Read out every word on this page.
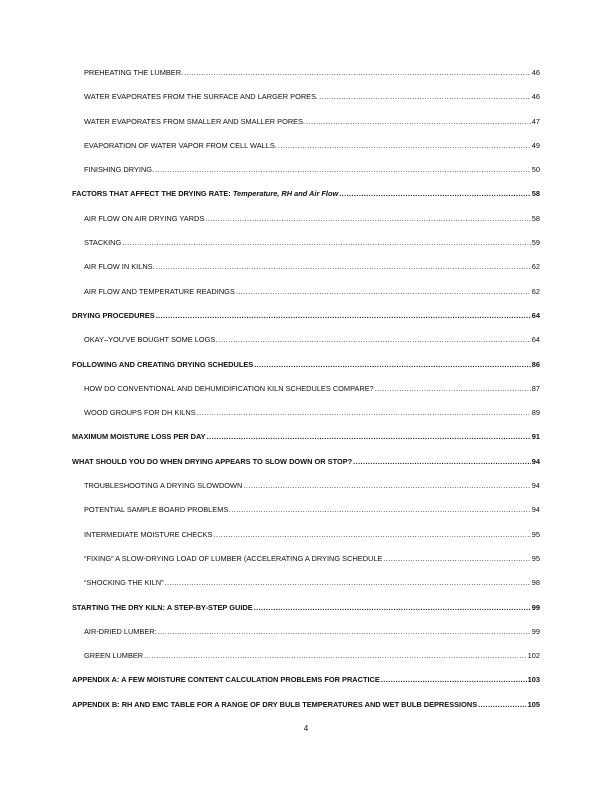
PREHEATING THE LUMBER. .....	46
WATER EVAPORATES FROM THE SURFACE AND LARGER PORES. .....	46
WATER EVAPORATES FROM SMALLER AND SMALLER PORES. .....	47
EVAPORATION OF WATER VAPOR FROM CELL WALLS. .....	49
FINISHING DRYING. .....	50
FACTORS THAT AFFECT THE DRYING RATE: Temperature, RH and Air Flow .....	58
AIR FLOW ON AIR DRYING YARDS .....	58
STACKING .....	59
AIR FLOW IN KILNS. .....	62
AIR FLOW AND TEMPERATURE READINGS .....	62
DRYING PROCEDURES .....	64
OKAY–YOU'VE BOUGHT SOME LOGS. .....	64
FOLLOWING AND CREATING DRYING SCHEDULES .....	86
HOW DO CONVENTIONAL AND DEHUMIDIFICATION KILN SCHEDULES COMPARE? .....	87
WOOD GROUPS FOR DH KILNS .....	89
MAXIMUM MOISTURE LOSS PER DAY .....	91
WHAT SHOULD YOU DO WHEN DRYING APPEARS TO SLOW DOWN OR STOP? .....	94
TROUBLESHOOTING A DRYING SLOWDOWN .....	94
POTENTIAL SAMPLE BOARD PROBLEMS. .....	94
INTERMEDIATE MOISTURE CHECKS .....	95
“FIXING” A SLOW-DRYING LOAD OF LUMBER (ACCELERATING A DRYING SCHEDULE .....	95
“SHOCKING THE KILN” .....	98
STARTING THE DRY KILN: A STEP-BY-STEP GUIDE .....	99
AIR-DRIED LUMBER: .....	99
GREEN LUMBER .....	102
APPENDIX A: A FEW MOISTURE CONTENT CALCULATION PROBLEMS FOR PRACTICE .....	103
APPENDIX B: RH AND EMC TABLE FOR A RANGE OF DRY BULB TEMPERATURES AND WET BULB DEPRESSIONS .....	105
4
